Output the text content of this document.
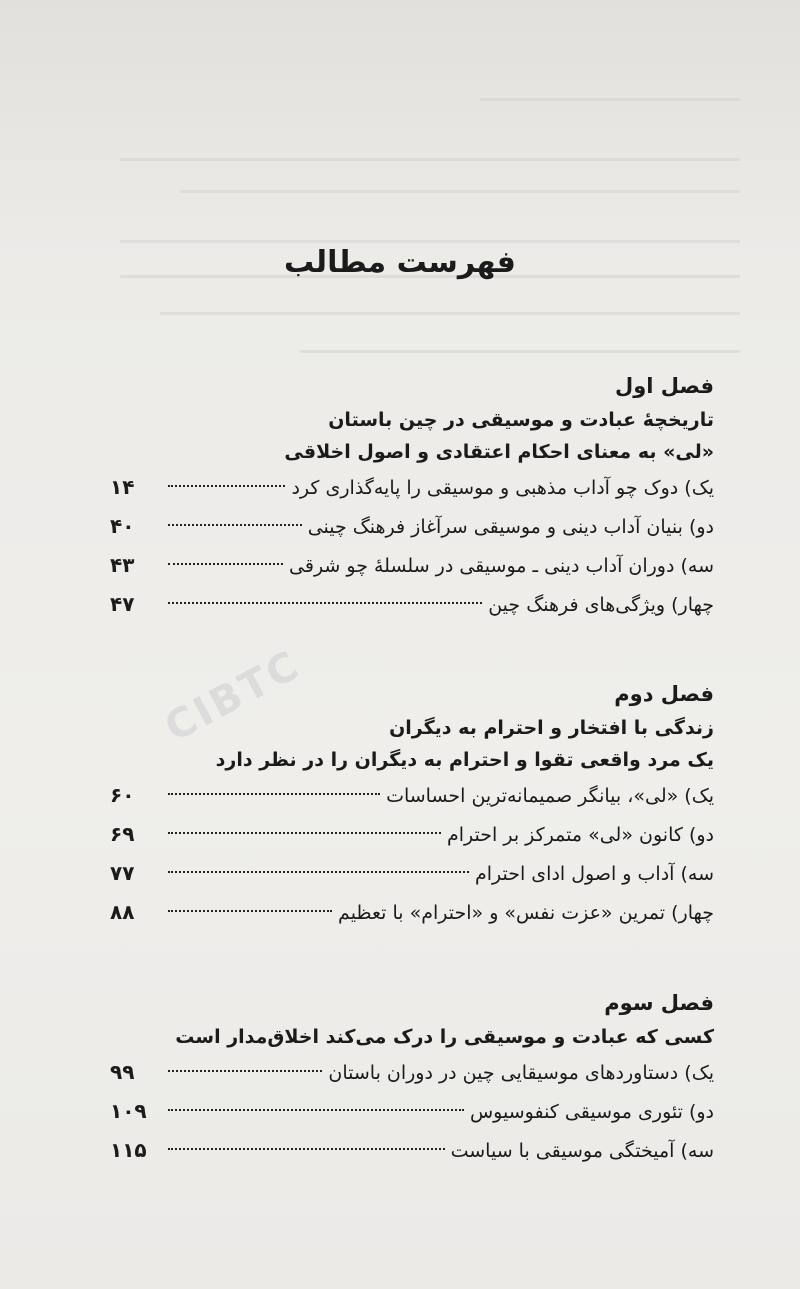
CIBTC
فهرست مطالب
فصل اول
تاریخچهٔ عبادت و موسیقی در چین باستان
«لی» به معنای احکام اعتقادی و اصول اخلاقی
یک) دوک چو آداب مذهبی و موسیقی را پایه‌گذاری کرد
۱۴
دو) بنیان آداب دینی و موسیقی سرآغاز فرهنگ چینی
۴۰
سه) دوران آداب دینی ـ موسیقی در سلسلهٔ چو شرقی
۴۳
چهار) ویژگی‌های فرهنگ چین
۴۷
فصل دوم
زندگی با افتخار و احترام به دیگران
یک مرد واقعی تقوا و احترام به دیگران را در نظر دارد
یک) «لی»، بیانگر صمیمانه‌ترین احساسات
۶۰
دو) کانون «لی» متمرکز بر احترام
۶۹
سه) آداب و اصول ادای احترام
۷۷
چهار) تمرین «عزت نفس» و «احترام» با تعظیم
۸۸
فصل سوم
کسی که عبادت و موسیقی را درک می‌کند اخلاق‌مدار است
یک) دستاوردهای موسیقایی چین در دوران باستان
۹۹
دو) تئوری موسیقی کنفوسیوس
۱۰۹
سه) آمیختگی موسیقی با سیاست
۱۱۵
